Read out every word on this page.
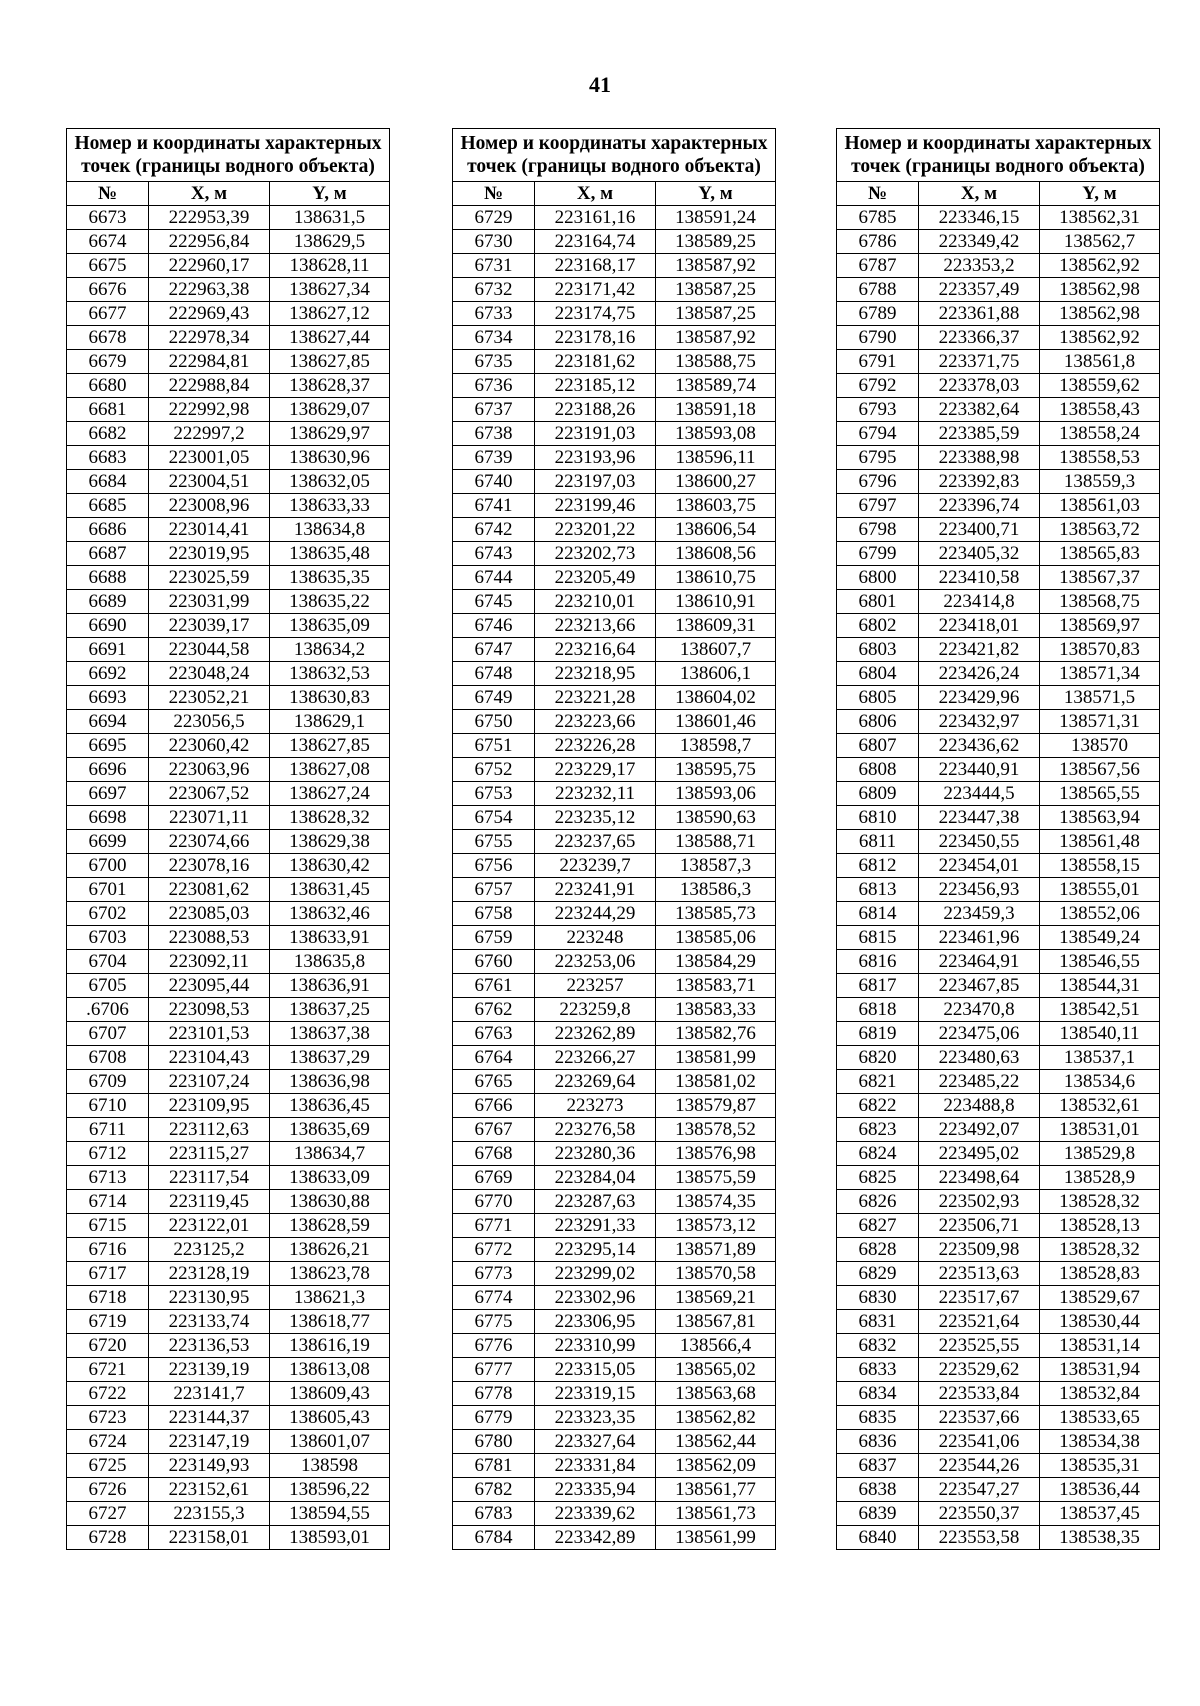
41
Номер и координаты характерных точек (границы водного объекта)		
№	X, м	Y, м
6673	222953,39	138631,5
6674	222956,84	138629,5
6675	222960,17	138628,11
6676	222963,38	138627,34
6677	222969,43	138627,12
6678	222978,34	138627,44
6679	222984,81	138627,85
6680	222988,84	138628,37
6681	222992,98	138629,07
6682	222997,2	138629,97
6683	223001,05	138630,96
6684	223004,51	138632,05
6685	223008,96	138633,33
6686	223014,41	138634,8
6687	223019,95	138635,48
6688	223025,59	138635,35
6689	223031,99	138635,22
6690	223039,17	138635,09
6691	223044,58	138634,2
6692	223048,24	138632,53
6693	223052,21	138630,83
6694	223056,5	138629,1
6695	223060,42	138627,85
6696	223063,96	138627,08
6697	223067,52	138627,24
6698	223071,11	138628,32
6699	223074,66	138629,38
6700	223078,16	138630,42
6701	223081,62	138631,45
6702	223085,03	138632,46
6703	223088,53	138633,91
6704	223092,11	138635,8
6705	223095,44	138636,91
.6706	223098,53	138637,25
6707	223101,53	138637,38
6708	223104,43	138637,29
6709	223107,24	138636,98
6710	223109,95	138636,45
6711	223112,63	138635,69
6712	223115,27	138634,7
6713	223117,54	138633,09
6714	223119,45	138630,88
6715	223122,01	138628,59
6716	223125,2	138626,21
6717	223128,19	138623,78
6718	223130,95	138621,3
6719	223133,74	138618,77
6720	223136,53	138616,19
6721	223139,19	138613,08
6722	223141,7	138609,43
6723	223144,37	138605,43
6724	223147,19	138601,07
6725	223149,93	138598
6726	223152,61	138596,22
6727	223155,3	138594,55
6728	223158,01	138593,01
Номер и координаты характерных точек (границы водного объекта)		
№	X, м	Y, м
6729	223161,16	138591,24
6730	223164,74	138589,25
6731	223168,17	138587,92
6732	223171,42	138587,25
6733	223174,75	138587,25
6734	223178,16	138587,92
6735	223181,62	138588,75
6736	223185,12	138589,74
6737	223188,26	138591,18
6738	223191,03	138593,08
6739	223193,96	138596,11
6740	223197,03	138600,27
6741	223199,46	138603,75
6742	223201,22	138606,54
6743	223202,73	138608,56
6744	223205,49	138610,75
6745	223210,01	138610,91
6746	223213,66	138609,31
6747	223216,64	138607,7
6748	223218,95	138606,1
6749	223221,28	138604,02
6750	223223,66	138601,46
6751	223226,28	138598,7
6752	223229,17	138595,75
6753	223232,11	138593,06
6754	223235,12	138590,63
6755	223237,65	138588,71
6756	223239,7	138587,3
6757	223241,91	138586,3
6758	223244,29	138585,73
6759	223248	138585,06
6760	223253,06	138584,29
6761	223257	138583,71
6762	223259,8	138583,33
6763	223262,89	138582,76
6764	223266,27	138581,99
6765	223269,64	138581,02
6766	223273	138579,87
6767	223276,58	138578,52
6768	223280,36	138576,98
6769	223284,04	138575,59
6770	223287,63	138574,35
6771	223291,33	138573,12
6772	223295,14	138571,89
6773	223299,02	138570,58
6774	223302,96	138569,21
6775	223306,95	138567,81
6776	223310,99	138566,4
6777	223315,05	138565,02
6778	223319,15	138563,68
6779	223323,35	138562,82
6780	223327,64	138562,44
6781	223331,84	138562,09
6782	223335,94	138561,77
6783	223339,62	138561,73
6784	223342,89	138561,99
Номер и координаты характерных точек (границы водного объекта)		
№	X, м	Y, м
6785	223346,15	138562,31
6786	223349,42	138562,7
6787	223353,2	138562,92
6788	223357,49	138562,98
6789	223361,88	138562,98
6790	223366,37	138562,92
6791	223371,75	138561,8
6792	223378,03	138559,62
6793	223382,64	138558,43
6794	223385,59	138558,24
6795	223388,98	138558,53
6796	223392,83	138559,3
6797	223396,74	138561,03
6798	223400,71	138563,72
6799	223405,32	138565,83
6800	223410,58	138567,37
6801	223414,8	138568,75
6802	223418,01	138569,97
6803	223421,82	138570,83
6804	223426,24	138571,34
6805	223429,96	138571,5
6806	223432,97	138571,31
6807	223436,62	138570
6808	223440,91	138567,56
6809	223444,5	138565,55
6810	223447,38	138563,94
6811	223450,55	138561,48
6812	223454,01	138558,15
6813	223456,93	138555,01
6814	223459,3	138552,06
6815	223461,96	138549,24
6816	223464,91	138546,55
6817	223467,85	138544,31
6818	223470,8	138542,51
6819	223475,06	138540,11
6820	223480,63	138537,1
6821	223485,22	138534,6
6822	223488,8	138532,61
6823	223492,07	138531,01
6824	223495,02	138529,8
6825	223498,64	138528,9
6826	223502,93	138528,32
6827	223506,71	138528,13
6828	223509,98	138528,32
6829	223513,63	138528,83
6830	223517,67	138529,67
6831	223521,64	138530,44
6832	223525,55	138531,14
6833	223529,62	138531,94
6834	223533,84	138532,84
6835	223537,66	138533,65
6836	223541,06	138534,38
6837	223544,26	138535,31
6838	223547,27	138536,44
6839	223550,37	138537,45
6840	223553,58	138538,35
